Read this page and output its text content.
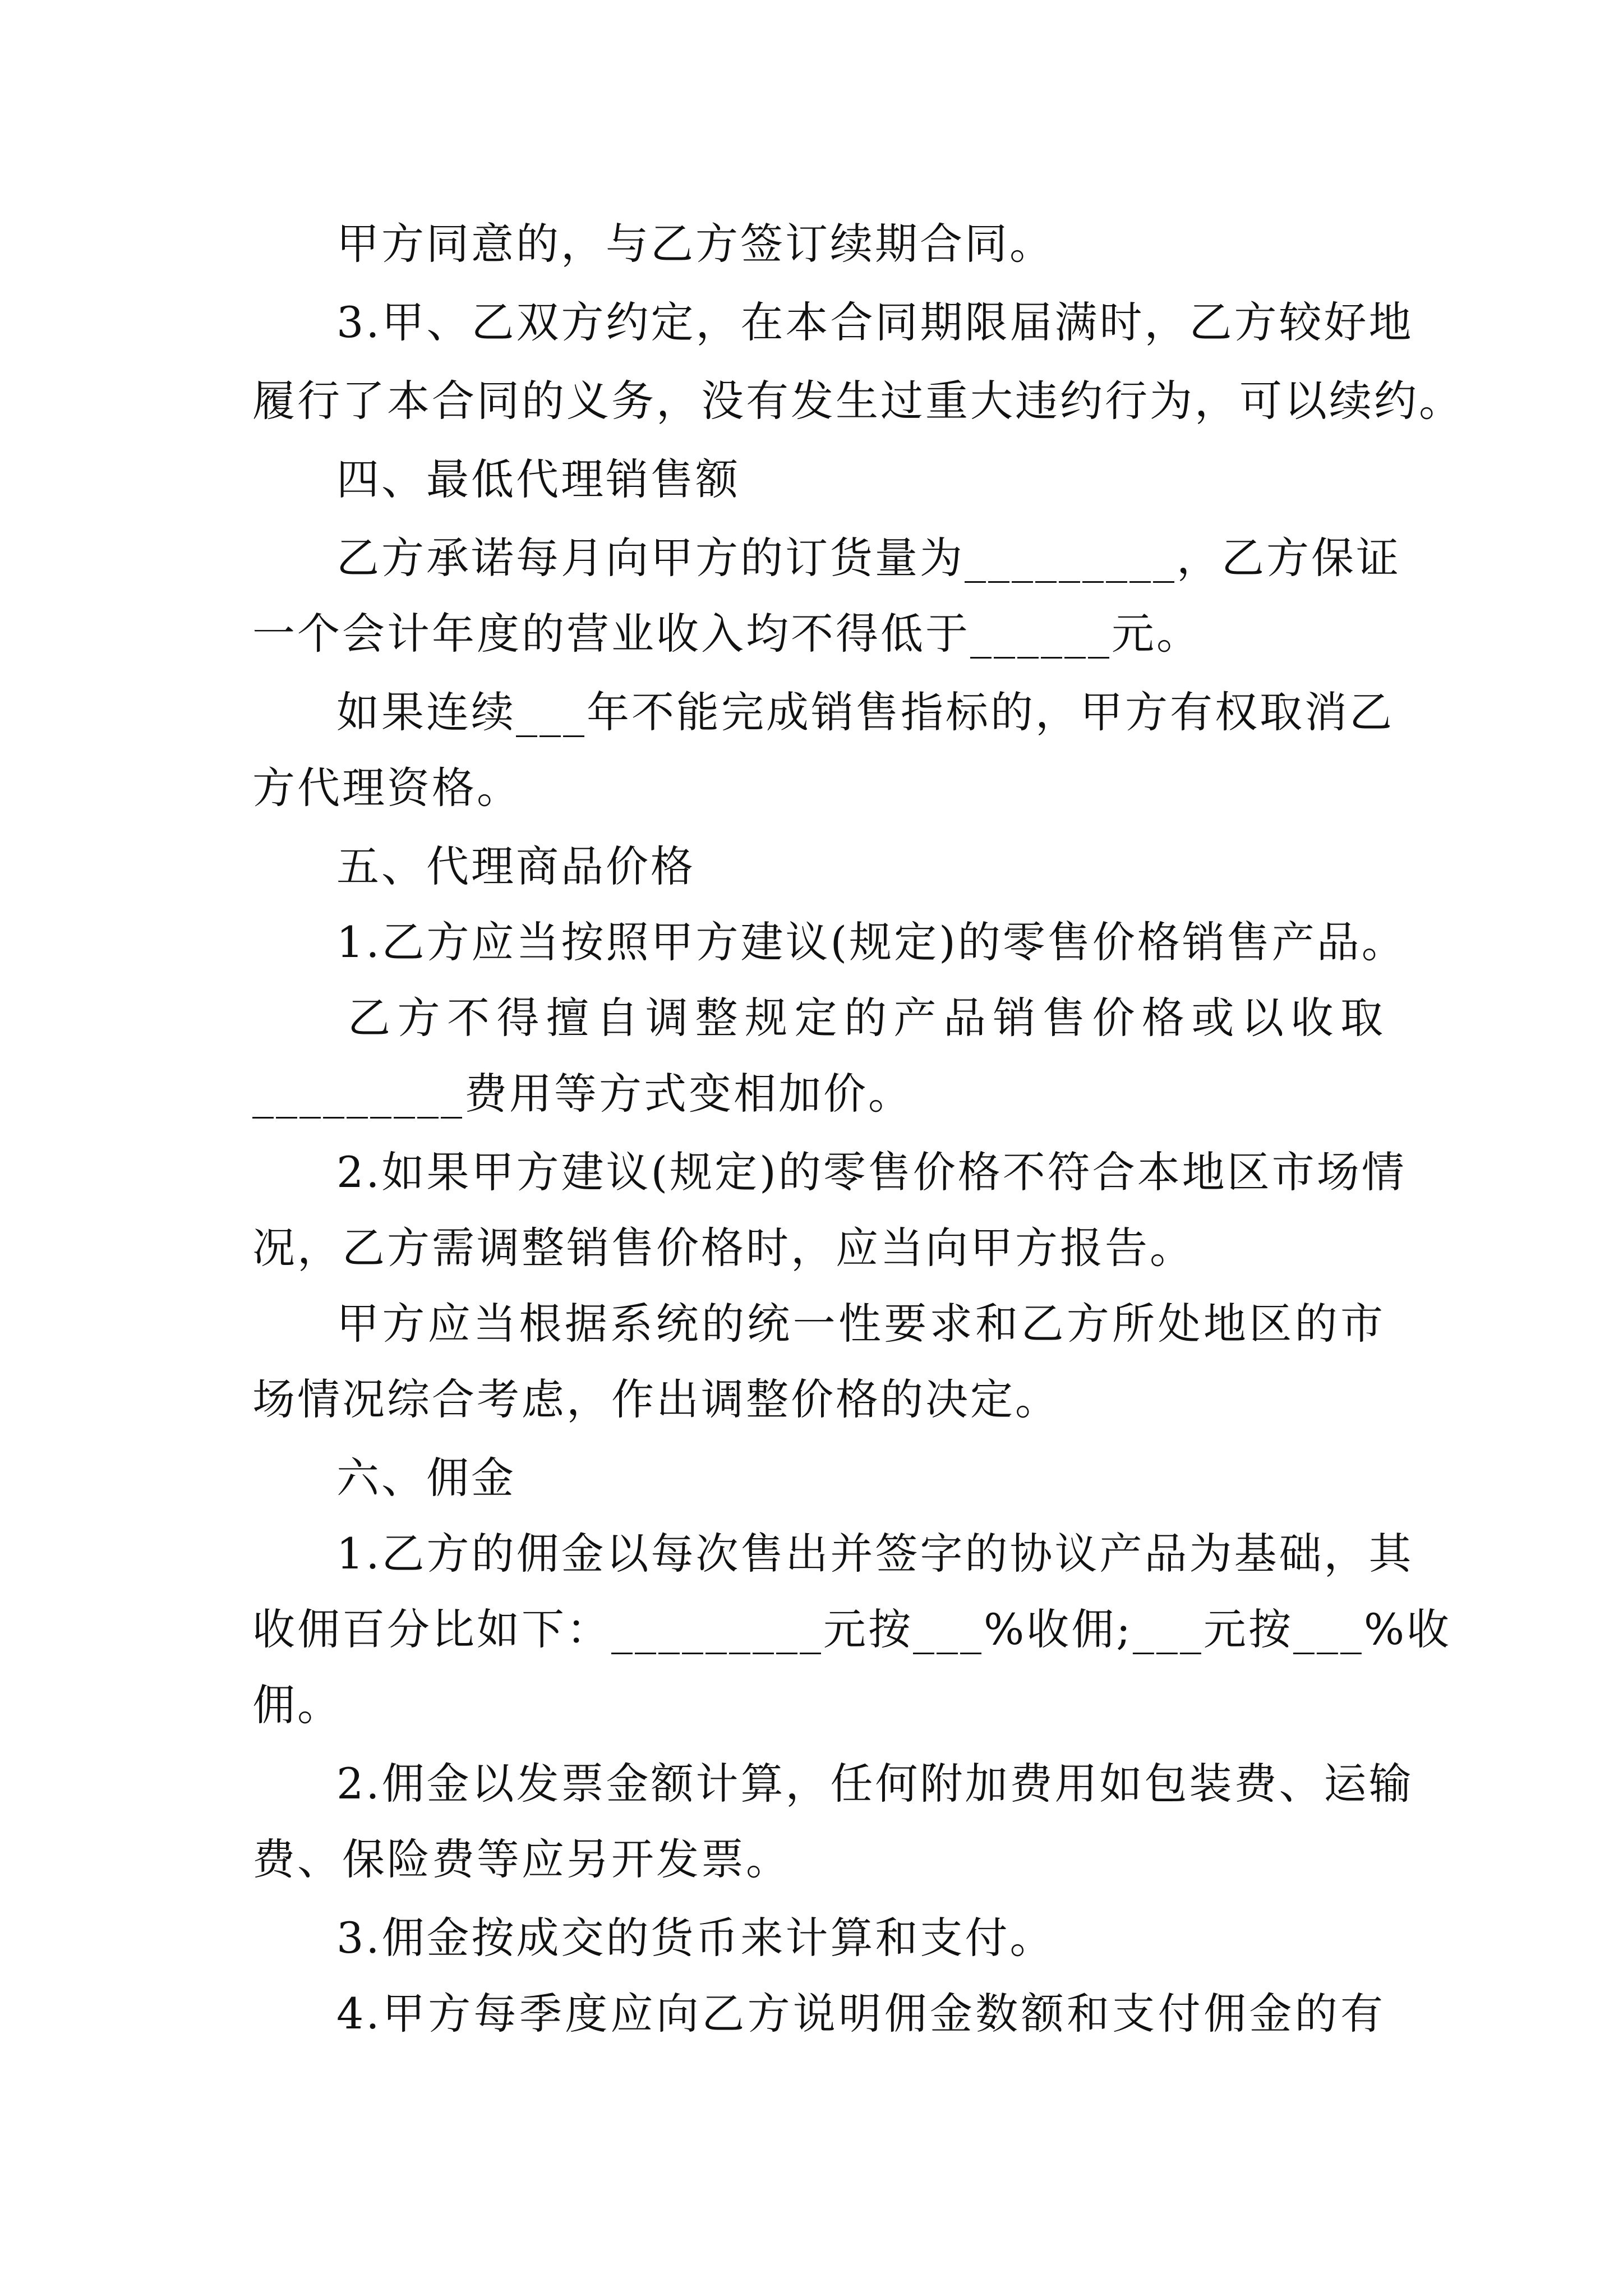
甲方同意的，与乙方签订续期合同。
3.甲、乙双方约定，在本合同期限届满时，乙方较好地
履行了本合同的义务，没有发生过重大违约行为，可以续约。
四、最低代理销售额
乙方承诺每月向甲方的订货量为_________，乙方保证
一个会计年度的营业收入均不得低于______元。
如果连续___年不能完成销售指标的，甲方有权取消乙
方代理资格。
五、代理商品价格
1.乙方应当按照甲方建议(规定)的零售价格销售产品。
乙方不得擅自调整规定的产品销售价格或以收取
_________费用等方式变相加价。
2.如果甲方建议(规定)的零售价格不符合本地区市场情
况，乙方需调整销售价格时，应当向甲方报告。
甲方应当根据系统的统一性要求和乙方所处地区的市
场情况综合考虑，作出调整价格的决定。
六、佣金
1.乙方的佣金以每次售出并签字的协议产品为基础，其
收佣百分比如下：_________元按___%收佣;___元按___%收
佣。
2.佣金以发票金额计算，任何附加费用如包装费、运输
费、保险费等应另开发票。
3.佣金按成交的货币来计算和支付。
4.甲方每季度应向乙方说明佣金数额和支付佣金的有
